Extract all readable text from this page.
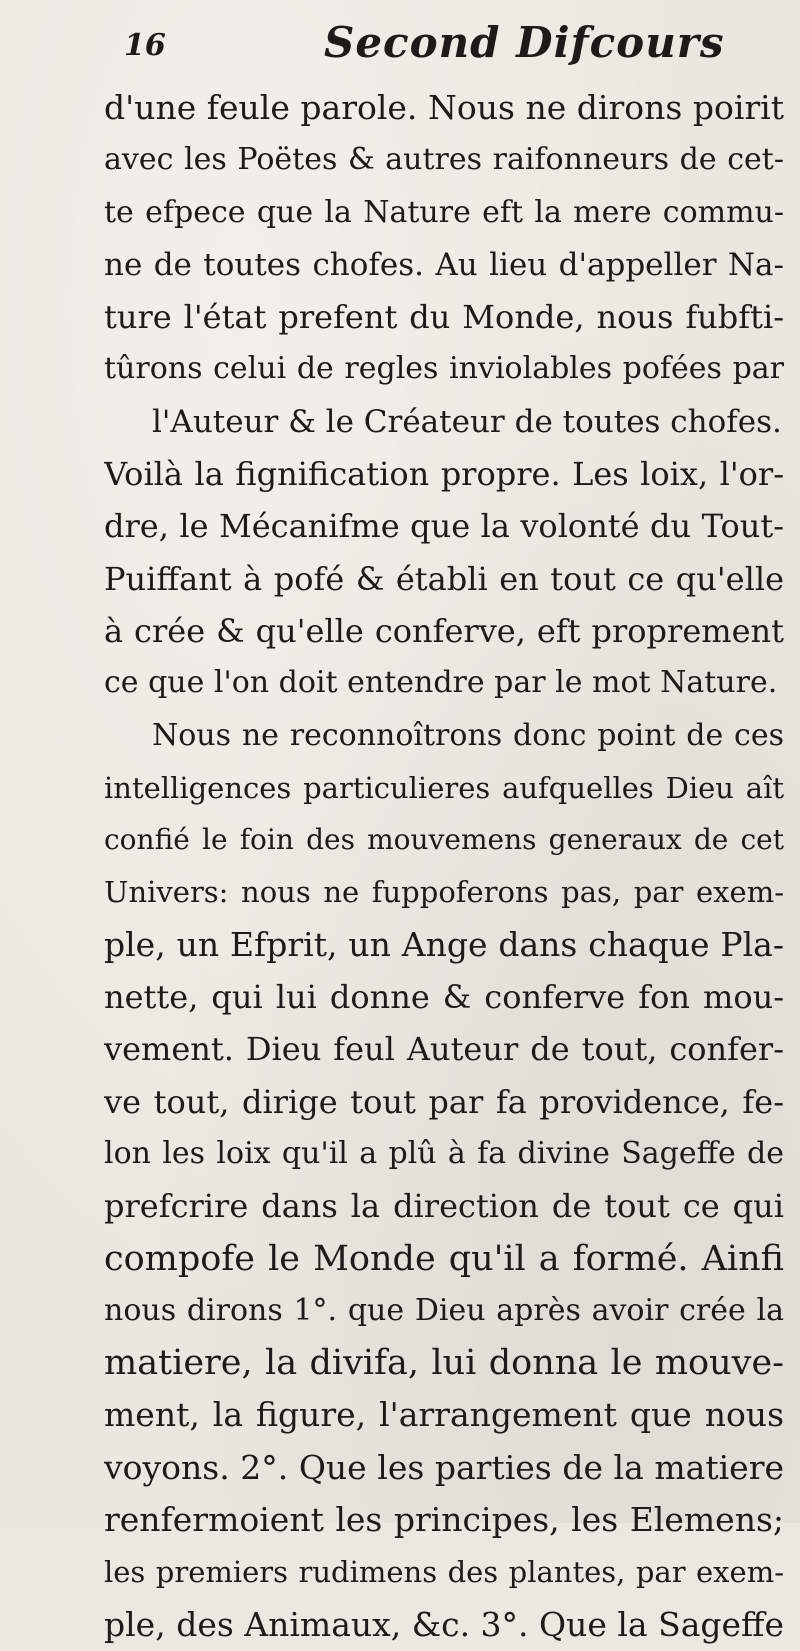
16	Second Difcours
d'une feule parole. Nous ne dirons poirit
avec les Poëtes & autres raifonneurs de cet-
te efpece que la Nature eft la mere commu-
ne de toutes chofes. Au lieu d'appeller Na-
ture l'état prefent du Monde, nous fubfti-
tûrons celui de regles inviolables pofées par
l'Auteur & le Créateur de toutes chofes.
Voilà la fignification propre. Les loix, l'or-
dre, le Mécanifme que la volonté du Tout-
Puiffant à pofé & établi en tout ce qu'elle
à crée & qu'elle conferve, eft proprement
ce que l'on doit entendre par le mot Nature.
Nous ne reconnoîtrons donc point de ces
intelligences particulieres aufquelles Dieu aît
confié le foin des mouvemens generaux de cet
Univers: nous ne fuppoferons pas, par exem-
ple, un Efprit, un Ange dans chaque Pla-
nette, qui lui donne & conferve fon mou-
vement. Dieu feul Auteur de tout, confer-
ve tout, dirige tout par fa providence, fe-
lon les loix qu'il a plû à fa divine Sageffe de
prefcrire dans la direction de tout ce qui
compofe le Monde qu'il a formé. Ainfi
nous dirons 1°. que Dieu après avoir crée la
matiere, la divifa, lui donna le mouve-
ment, la figure, l'arrangement que nous
voyons. 2°. Que les parties de la matiere
renfermoient les principes, les Elemens;
les premiers rudimens des plantes, par exem-
ple, des Animaux, &c. 3°. Que la Sageffe
